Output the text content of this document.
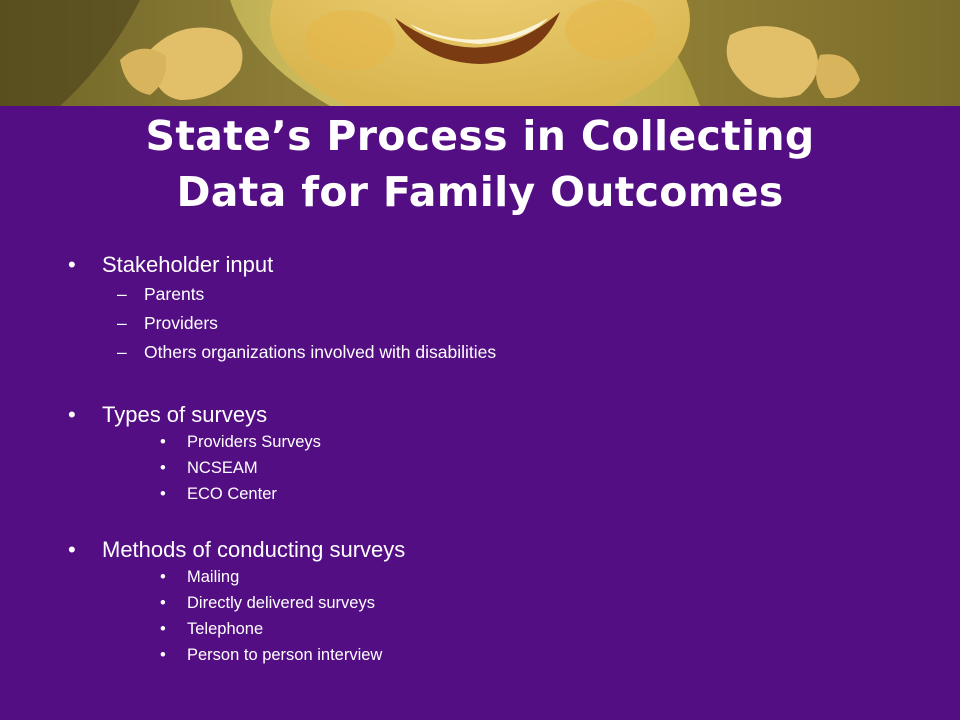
State’s Process in Collecting
Data for Family Outcomes
• Stakeholder input
– Parents
– Providers
– Others organizations involved with disabilities
• Types of surveys
• Providers Surveys
• NCSEAM
• ECO Center
• Methods of conducting surveys
• Mailing
• Directly delivered surveys
• Telephone
• Person to person interview
